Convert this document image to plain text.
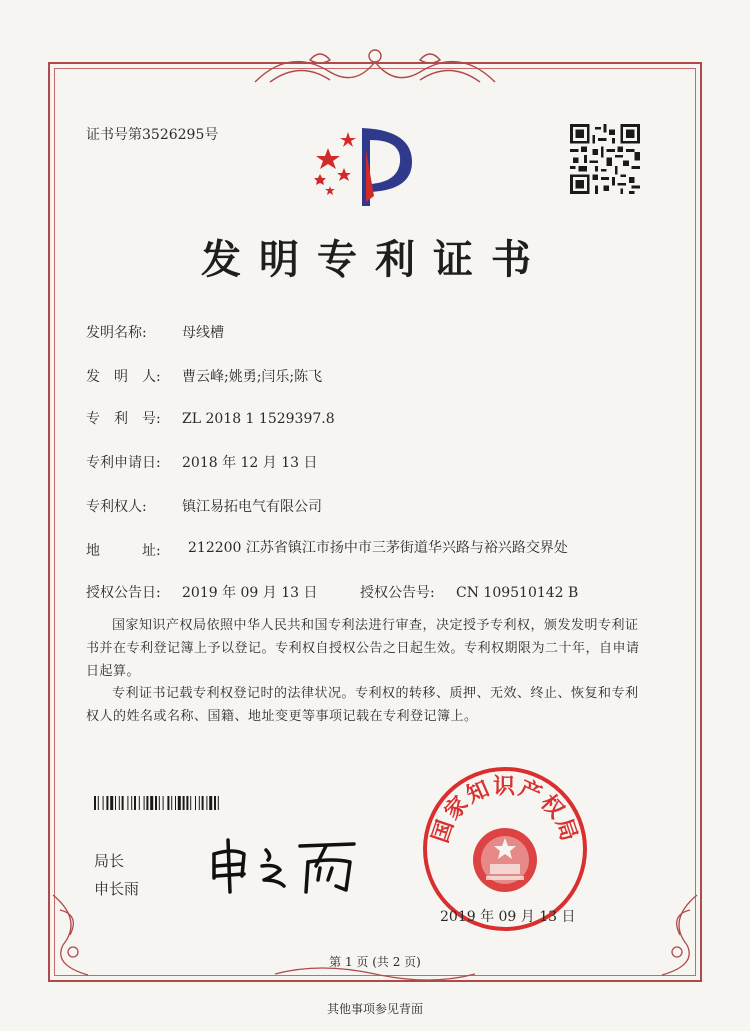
证书号第3526295号
发明专利证书
发明名称:	母线槽
发　明　人: 曹云峰;姚勇;闫乐;陈飞
专　利　号: ZL 2018 1 1529397.8
专利申请日: 2018 年 12 月 13 日
专利权人:	镇江易拓电气有限公司
地　　　址:	212200 江苏省镇江市扬中市三茅街道华兴路与裕兴路交界处
授权公告日: 2019 年 09 月 13 日	授权公告号: CN 109510142 B
国家知识产权局依照中华人民共和国专利法进行审查，决定授予专利权，颁发发明专利证书并在专利登记簿上予以登记。专利权自授权公告之日起生效。专利权期限为二十年，自申请日起算。
专利证书记载专利权登记时的法律状况。专利权的转移、质押、无效、终止、恢复和专利权人的姓名或名称、国籍、地址变更等事项记载在专利登记簿上。
局长
申长雨
国家知识产权局
2019 年 09 月 13 日
第 1 页 (共 2 页)
其他事项参见背面
